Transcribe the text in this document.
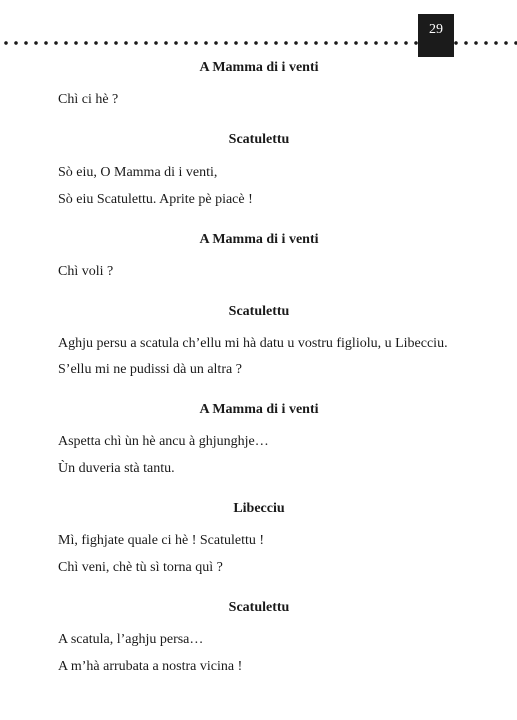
29

A Mamma di i venti

Chì ci hè ?

Scatulettu

Sò eiu, O Mamma di i venti,

Sò eiu Scatulettu. Aprite pè piacè !

A Mamma di i venti

Chì voli ?

Scatulettu

Aghju persu a scatula ch’ellu mi hà datu u vostru figliolu, u Libecciu.

S’ellu mi ne pudissi dà un altra ?

A Mamma di i venti

Aspetta chì ùn hè ancu à ghjunghje…

Ùn duveria stà tantu.

Libecciu

Mì, fighjate quale ci hè ! Scatulettu !

Chì veni, chè tù sì torna quì ?

Scatulettu

A scatula, l’aghju persa…

A m’hà arrubata a nostra vicina !
